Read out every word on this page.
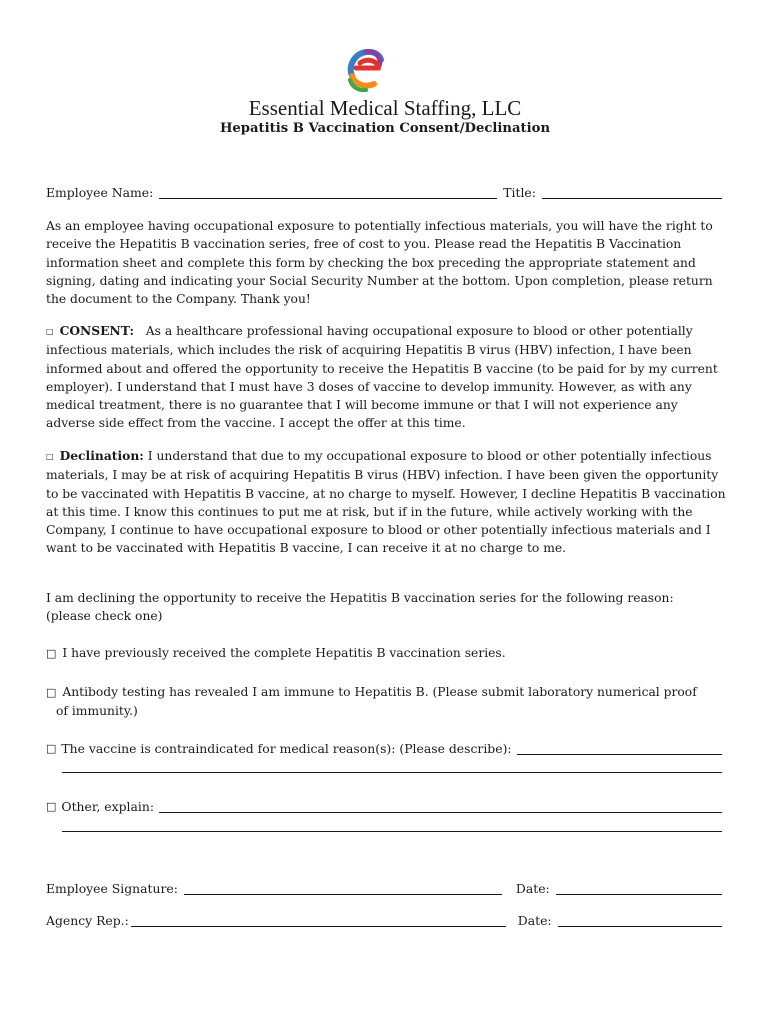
Essential Medical Staffing, LLC
Hepatitis B Vaccination Consent/Declination
Employee Name:	Title:

As an employee having occupational exposure to potentially infectious materials, you will have the right to receive the Hepatitis B vaccination series, free of cost to you. Please read the Hepatitis B Vaccination information sheet and complete this form by checking the box preceding the appropriate statement and signing, dating and indicating your Social Security Number at the bottom. Upon completion, please return the document to the Company. Thank you!

□ CONSENT: As a healthcare professional having occupational exposure to blood or other potentially infectious materials, which includes the risk of acquiring Hepatitis B virus (HBV) infection, I have been informed about and offered the opportunity to receive the Hepatitis B vaccine (to be paid for by my current employer). I understand that I must have 3 doses of vaccine to develop immunity. However, as with any medical treatment, there is no guarantee that I will become immune or that I will not experience any adverse side effect from the vaccine. I accept the offer at this time.

□ Declination: I understand that due to my occupational exposure to blood or other potentially infectious materials, I may be at risk of acquiring Hepatitis B virus (HBV) infection. I have been given the opportunity to be vaccinated with Hepatitis B vaccine, at no charge to myself. However, I decline Hepatitis B vaccination at this time. I know this continues to put me at risk, but if in the future, while actively working with the Company, I continue to have occupational exposure to blood or other potentially infectious materials and I want to be vaccinated with Hepatitis B vaccine, I can receive it at no charge to me.

I am declining the opportunity to receive the Hepatitis B vaccination series for the following reason:
(please check one)

□ I have previously received the complete Hepatitis B vaccination series.
□ Antibody testing has revealed I am immune to Hepatitis B. (Please submit laboratory numerical proof
of immunity.)
□ The vaccine is contraindicated for medical reason(s): (Please describe):
□ Other, explain:
Employee Signature:	Date:
Agency Rep.:	Date:
